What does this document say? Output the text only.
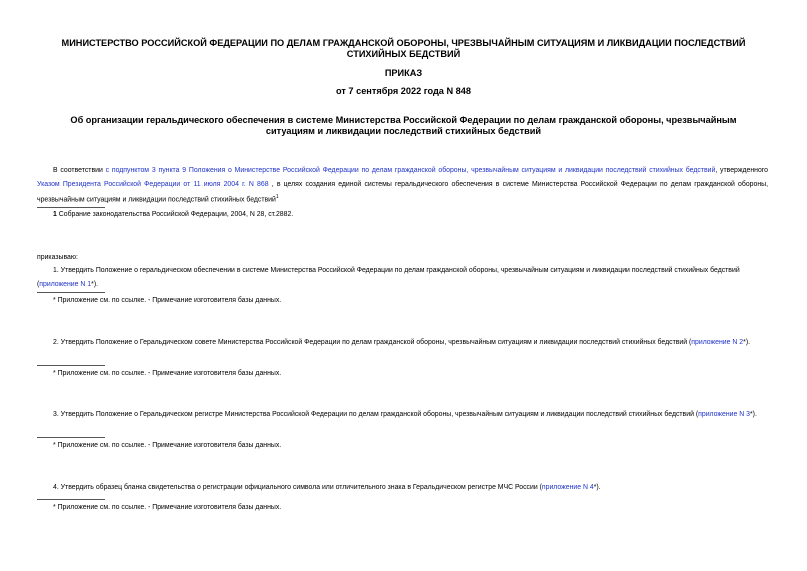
МИНИСТЕРСТВО РОССИЙСКОЙ ФЕДЕРАЦИИ ПО ДЕЛАМ ГРАЖДАНСКОЙ ОБОРОНЫ, ЧРЕЗВЫЧАЙНЫМ СИТУАЦИЯМ И ЛИКВИДАЦИИ ПОСЛЕДСТВИЙ СТИХИЙНЫХ БЕДСТВИЙ
ПРИКАЗ
от 7 сентября 2022 года N 848
Об организации геральдического обеспечения в системе Министерства Российской Федерации по делам гражданской обороны, чрезвычайным ситуациям и ликвидации последствий стихийных бедствий
В соответствии с подпунктом 3 пункта 9 Положения о Министерстве Российской Федерации по делам гражданской обороны, чрезвычайным ситуациям и ликвидации последствий стихийных бедствий, утвержденного Указом Президента Российской Федерации от 11 июля 2004 г. N 868 , в целях создания единой системы геральдического обеспечения в системе Министерства Российской Федерации по делам гражданской обороны, чрезвычайным ситуациям и ликвидации последствий стихийных бедствий$^1$
1 Собрание законодательства Российской Федерации, 2004, N 28, ст.2882.
приказываю:
1. Утвердить Положение о геральдическом обеспечении в системе Министерства Российской Федерации по делам гражданской обороны, чрезвычайным ситуациям и ликвидации последствий стихийных бедствий (приложение N 1*).
* Приложение см. по ссылке. - Примечание изготовителя базы данных.
2. Утвердить Положение о Геральдическом совете Министерства Российской Федерации по делам гражданской обороны, чрезвычайным ситуациям и ликвидации последствий стихийных бедствий (приложение N 2*).
* Приложение см. по ссылке. - Примечание изготовителя базы данных.
3. Утвердить Положение о Геральдическом регистре Министерства Российской Федерации по делам гражданской обороны, чрезвычайным ситуациям и ликвидации последствий стихийных бедствий (приложение N 3*).
* Приложение см. по ссылке. - Примечание изготовителя базы данных.
4. Утвердить образец бланка свидетельства о регистрации официального символа или отличительного знака в Геральдическом регистре МЧС России (приложение N 4*).
* Приложение см. по ссылке. - Примечание изготовителя базы данных.
